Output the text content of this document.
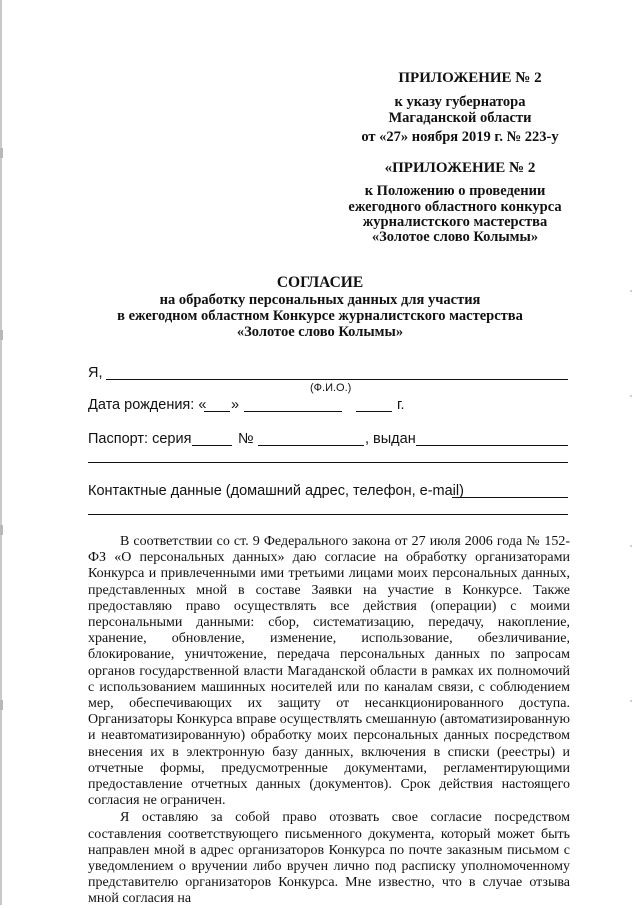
ПРИЛОЖЕНИЕ № 2
к указу губернатора
Магаданской области
от «27» ноября 2019 г. № 223-у
«ПРИЛОЖЕНИЕ № 2
к Положению о проведении
ежегодного областного конкурса
журналистского мастерства
«Золотое слово Колымы»
СОГЛАСИЕ
на обработку персональных данных для участия
в ежегодном областном Конкурсе журналистского мастерства
«Золотое слово Колымы»
Я,
(Ф.И.О.)
Дата рождения: « »	г.
Паспорт: серия	№	, выдан
Контактные данные (домашний адрес, телефон, e-mail)

В соответствии со ст. 9 Федерального закона от 27 июля 2006 года № 152-ФЗ «О персональных данных» даю согласие на обработку организаторами Конкурса и привлеченными ими третьими лицами моих персональных данных, представленных мной в составе Заявки на участие в Конкурсе. Также предоставляю право осуществлять все действия (операции) с моими персональными данными: сбор, систематизацию, передачу, накопление, хранение, обновление, изменение, использование, обезличивание, блокирование, уничтожение, передача персональных данных по запросам органов государственной власти Магаданской области в рамках их полномочий с использованием машинных носителей или по каналам связи, с соблюдением мер, обеспечивающих их защиту от несанкционированного доступа. Организаторы Конкурса вправе осуществлять смешанную (автоматизированную и неавтоматизированную) обработку моих персональных данных посредством внесения их в электронную базу данных, включения в списки (реестры) и отчетные формы, предусмотренные документами, регламентирующими предоставление отчетных данных (документов). Срок действия настоящего согласия не ограничен.

Я оставляю за собой право отозвать свое согласие посредством составления соответствующего письменного документа, который может быть направлен мной в адрес организаторов Конкурса по почте заказным письмом с уведомлением о вручении либо вручен лично под расписку уполномоченному представителю организаторов Конкурса. Мне известно, что в случае отзыва мной согласия на
